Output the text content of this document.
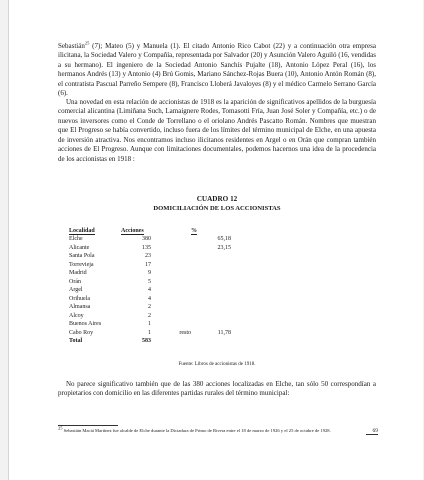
Sebastián$^{25}$ (7); Mateo (5) y Manuela (1). El citado Antonio Rico Cabot (22) y a continuación otra empresa ilicitana, la Sociedad Valero y Compañía, representada por Salvador (20) y Asunción Valero Aguiló (16, vendidas a su hermano). El ingeniero de la Sociedad Antonio Sanchís Pujalte (18), Antonio López Peral (16), los hermanos Andrés (13) y Antonio (4) Brú Gomis, Mariano Sánchez-Rojas Buera (10), Antonio Antón Román (8), el contratista Pascual Parreño Sempere (8), Francisco Lloberá Javaloyes (8) y el médico Carmelo Serrano García (6).
Una novedad en esta relación de accionistas de 1918 es la aparición de significativos apellidos de la burguesía comercial alicantina (Limiñana Such, Lamaignere Rodes, Tomasotti Fría, Juan José Soler y Compañía, etc.) o de nuevos inversores como el Conde de Torrellano o el oriolano Andrés Pascatto Román. Nombres que muestran que El Progreso se había convertido, incluso fuera de los límites del término municipal de Elche, en una apuesta de inversión atractiva. Nos encontramos incluso ilicitanos residentes en Argel o en Orán que compran también acciones de El Progreso. Aunque con limitaciones documentales, podemos hacernos una idea de la procedencia de los accionistas en 1918 :
CUADRO 12
DOMICILIACIÓN DE LOS ACCIONISTAS
Localidad	Acciones		%
Elche	380		65,18
Alicante	135		23,15
Santa Pola	23		
Torrevieja	17		
Madrid	9		
Orán	5		
Argel	4		
Orihuela	4		
Almansa	2		
Alcoy	2		
Buenos Aires	1		
Cabo Roy	1	resto	11,78
Total	583		
Fuente: Libros de accionistas de 1918.
No parece significativo también que de las 380 acciones localizadas en Elche, tan sólo 50 correspondían a propietarios con domicilio en las diferentes partidas rurales del término municipal:
25 Sebastián Maciá Martínez fue alcalde de Elche durante la Dictadura de Primo de Rivera entre el 18 de marzo de 1926 y el 25 de octubre de 1928.	69
